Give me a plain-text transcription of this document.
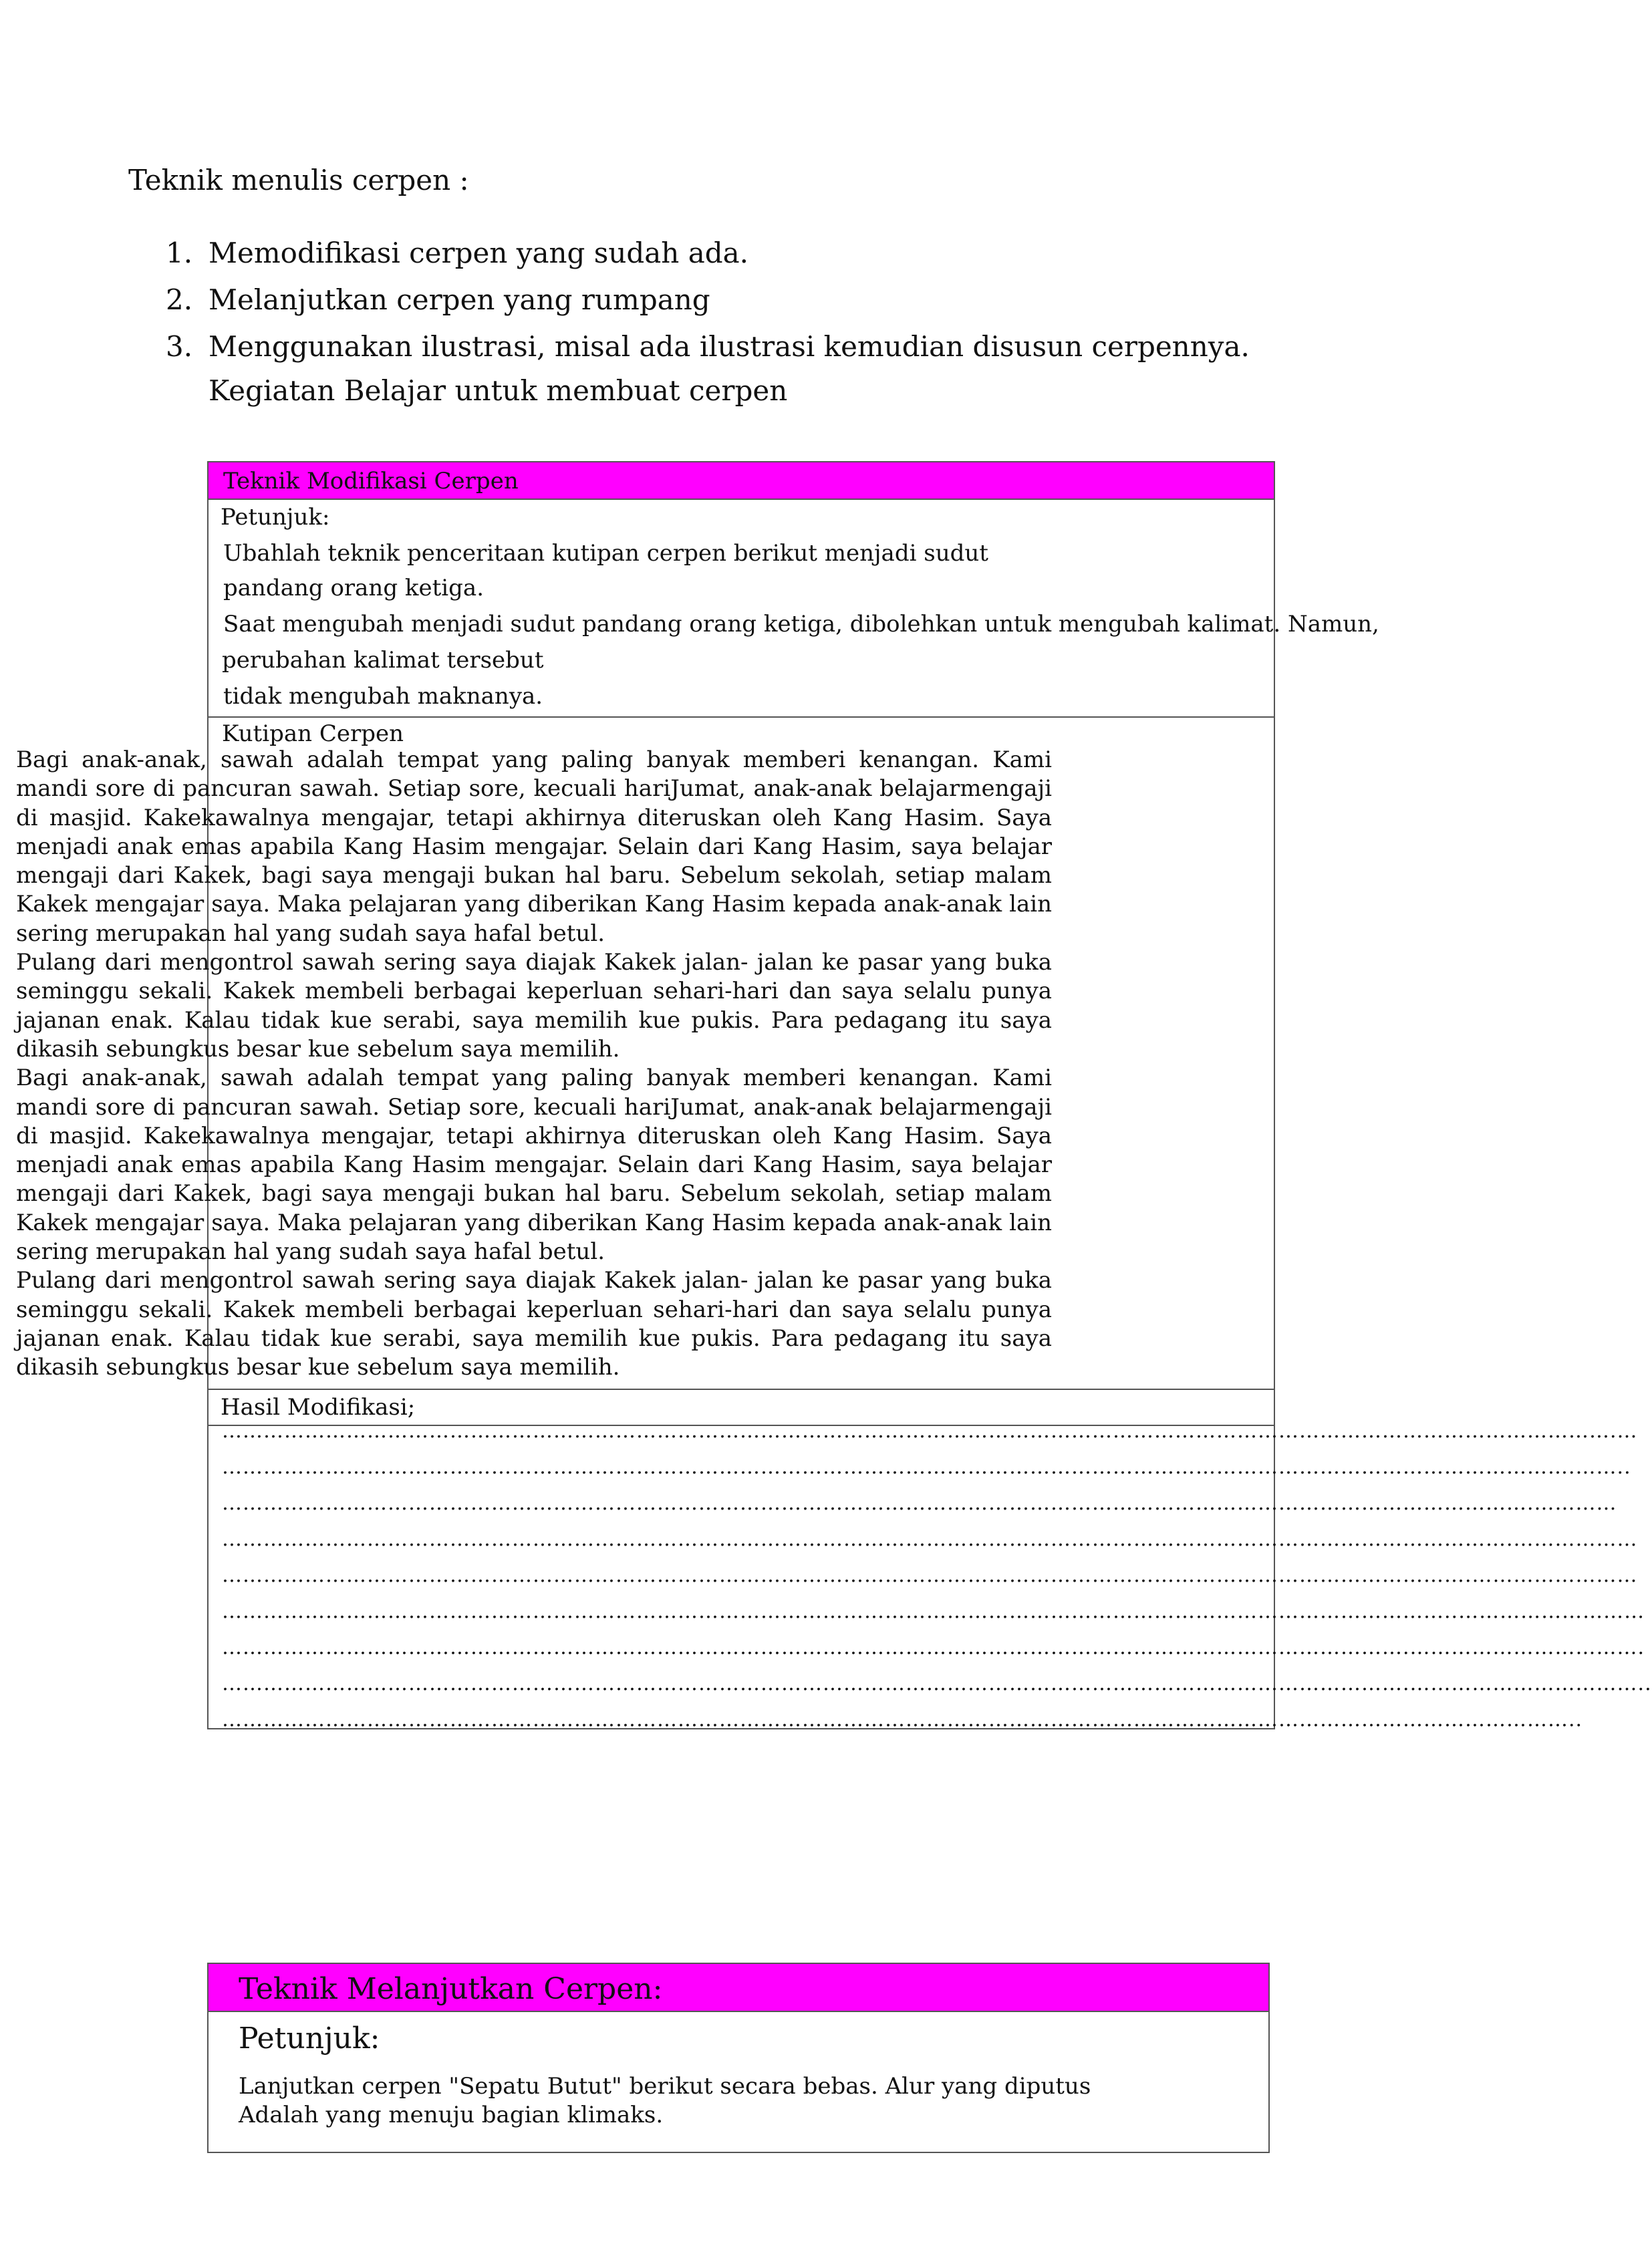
Teknik menulis cerpen :
1. Memodifikasi cerpen yang sudah ada.
2. Melanjutkan cerpen yang rumpang
3. Menggunakan ilustrasi, misal ada ilustrasi kemudian disusun cerpennya.
Kegiatan Belajar untuk membuat cerpen
Teknik Modifikasi Cerpen
Petunjuk:
Ubahlah teknik penceritaan kutipan cerpen berikut menjadi sudut
pandang orang ketiga.
Saat mengubah menjadi sudut pandang orang ketiga, dibolehkan untuk mengubah kalimat. Namun,
perubahan kalimat tersebut
tidak mengubah maknanya.
Kutipan Cerpen
Hasil Modifikasi;

Bagi anak-anak, sawah adalah tempat yang paling banyak memberi kenangan. Kami mandi sore di pancuran sawah. Setiap sore, kecuali hariJumat, anak-anak belajarmengaji di masjid. Kakekawalnya mengajar, tetapi akhirnya diteruskan oleh Kang Hasim. Saya menjadi anak emas apabila Kang Hasim mengajar. Selain dari Kang Hasim, saya belajar mengaji dari Kakek, bagi saya mengaji bukan hal baru. Sebelum sekolah, setiap malam Kakek mengajar saya. Maka pelajaran yang diberikan Kang Hasim kepada anak-anak lain sering merupakan hal yang sudah saya hafal betul.

Pulang dari mengontrol sawah sering saya diajak Kakek jalan- jalan ke pasar yang buka seminggu sekali. Kakek membeli berbagai keperluan sehari-hari dan saya selalu punya jajanan enak. Kalau tidak kue serabi, saya memilih kue pukis. Para pedagang itu saya dikasih sebungkus besar kue sebelum saya memilih.

Bagi anak-anak, sawah adalah tempat yang paling banyak memberi kenangan. Kami mandi sore di pancuran sawah. Setiap sore, kecuali hariJumat, anak-anak belajarmengaji di masjid. Kakekawalnya mengajar, tetapi akhirnya diteruskan oleh Kang Hasim. Saya menjadi anak emas apabila Kang Hasim mengajar. Selain dari Kang Hasim, saya belajar mengaji dari Kakek, bagi saya mengaji bukan hal baru. Sebelum sekolah, setiap malam Kakek mengajar saya. Maka pelajaran yang diberikan Kang Hasim kepada anak-anak lain sering merupakan hal yang sudah saya hafal betul.

Pulang dari mengontrol sawah sering saya diajak Kakek jalan- jalan ke pasar yang buka seminggu sekali. Kakek membeli berbagai keperluan sehari-hari dan saya selalu punya jajanan enak. Kalau tidak kue serabi, saya memilih kue pukis. Para pedagang itu saya dikasih sebungkus besar kue sebelum saya memilih.

………………………………………………………………………………………………………………………………………………………………………………….…
…………………………………………………………………………………………………………………………………………………………………………….……..
……………………………………………………………………………………………………………………………………………………………………….…………
…………………………………………………………………………………………………………………………………………………………………….………………
……………………………………………………………………………………………………………………………………………………………….……………………
……………………………………………………………………………………………………………………………………………………………..………………………
……………………………………………………………………………………………………………………………………………………….…………………………….
……………………………………………………………………………………………………………………………………………………….……………………………..
……………………………………………………………………………………………………………………………………………………………………………..
Teknik Melanjutkan Cerpen:
Petunjuk:
Lanjutkan cerpen "Sepatu Butut" berikut secara bebas. Alur yang diputus
Adalah yang menuju bagian klimaks.
